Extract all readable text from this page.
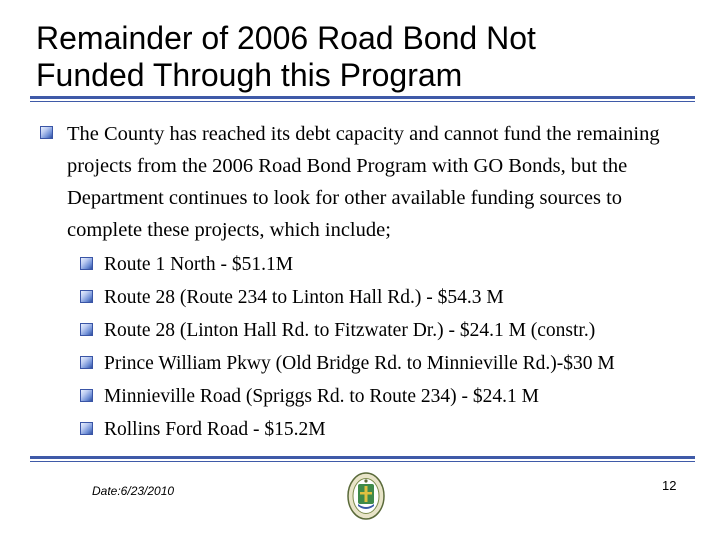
Remainder of 2006 Road Bond Not
Funded Through this Program
The County has reached its debt capacity and cannot fund the remaining projects from the 2006 Road Bond Program with GO Bonds, but the Department continues to look for other available funding sources to complete these projects, which include;
Route 1 North - $51.1M
Route 28 (Route 234 to Linton Hall Rd.) - $54.3 M
Route 28 (Linton Hall Rd. to Fitzwater Dr.) - $24.1 M (constr.)
Prince William Pkwy (Old Bridge Rd. to Minnieville Rd.)-$30 M
Minnieville Road (Spriggs Rd. to Route 234) - $24.1 M
Rollins Ford Road - $15.2M
Date:6/23/2010	12
